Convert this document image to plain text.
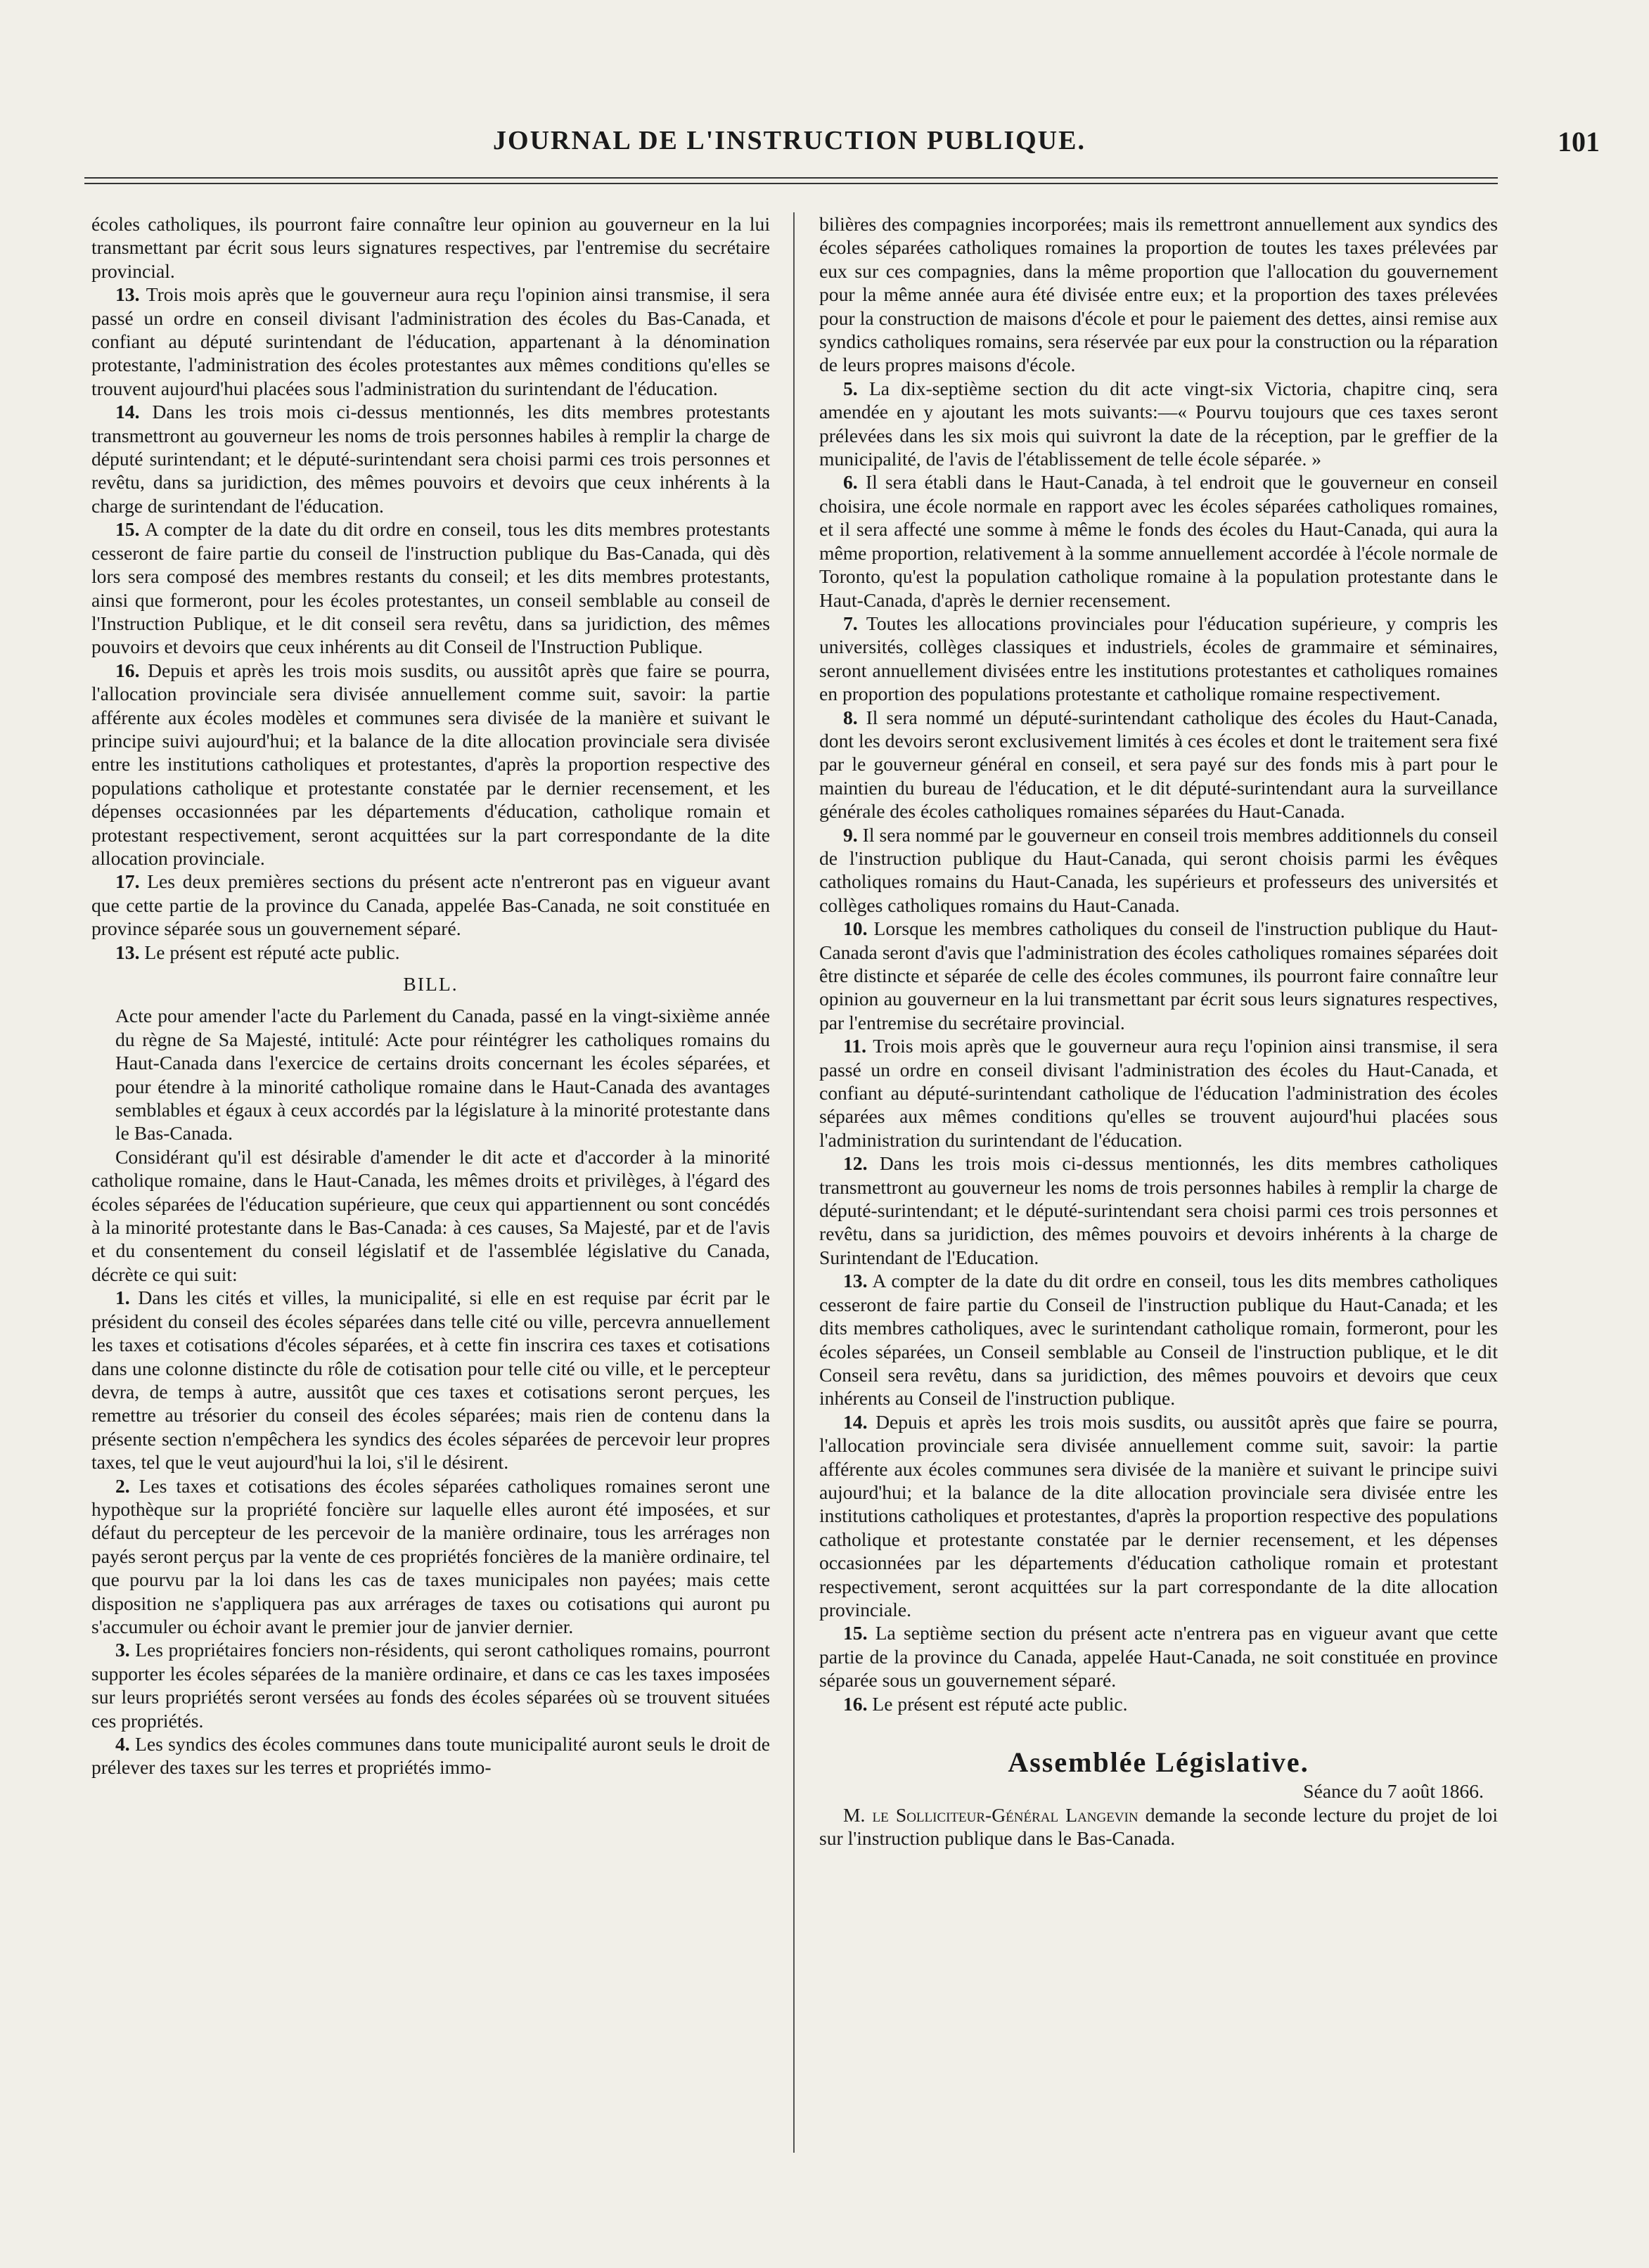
JOURNAL DE L'INSTRUCTION PUBLIQUE.	101

écoles catholiques, ils pourront faire connaître leur opinion au gouverneur en la lui transmettant par écrit sous leurs signatures respectives, par l'entremise du secrétaire provincial.

13. Trois mois après que le gouverneur aura reçu l'opinion ainsi transmise, il sera passé un ordre en conseil divisant l'administration des écoles du Bas-Canada, et confiant au député surintendant de l'éducation, appartenant à la dénomination protestante, l'administration des écoles protestantes aux mêmes conditions qu'elles se trouvent aujourd'hui placées sous l'administration du surintendant de l'éducation.

14. Dans les trois mois ci-dessus mentionnés, les dits membres protestants transmettront au gouverneur les noms de trois personnes habiles à remplir la charge de député surintendant; et le député-surintendant sera choisi parmi ces trois personnes et revêtu, dans sa juridiction, des mêmes pouvoirs et devoirs que ceux inhérents à la charge de surintendant de l'éducation.

15. A compter de la date du dit ordre en conseil, tous les dits membres protestants cesseront de faire partie du conseil de l'instruction publique du Bas-Canada, qui dès lors sera composé des membres restants du conseil; et les dits membres protestants, ainsi que formeront, pour les écoles protestantes, un conseil semblable au conseil de l'Instruction Publique, et le dit conseil sera revêtu, dans sa juridiction, des mêmes pouvoirs et devoirs que ceux inhérents au dit Conseil de l'Instruction Publique.

16. Depuis et après les trois mois susdits, ou aussitôt après que faire se pourra, l'allocation provinciale sera divisée annuellement comme suit, savoir: la partie afférente aux écoles modèles et communes sera divisée de la manière et suivant le principe suivi aujourd'hui; et la balance de la dite allocation provinciale sera divisée entre les institutions catholiques et protestantes, d'après la proportion respective des populations catholique et protestante constatée par le dernier recensement, et les dépenses occasionnées par les départements d'éducation, catholique romain et protestant respectivement, seront acquittées sur la part correspondante de la dite allocation provinciale.

17. Les deux premières sections du présent acte n'entreront pas en vigueur avant que cette partie de la province du Canada, appelée Bas-Canada, ne soit constituée en province séparée sous un gouvernement séparé.

13. Le présent est réputé acte public.

BILL.

Acte pour amender l'acte du Parlement du Canada, passé en la vingt-sixième année du règne de Sa Majesté, intitulé: Acte pour réintégrer les catholiques romains du Haut-Canada dans l'exercice de certains droits concernant les écoles séparées, et pour étendre à la minorité catholique romaine dans le Haut-Canada des avantages semblables et égaux à ceux accordés par la législature à la minorité protestante dans le Bas-Canada.

Considérant qu'il est désirable d'amender le dit acte et d'accorder à la minorité catholique romaine, dans le Haut-Canada, les mêmes droits et privilèges, à l'égard des écoles séparées de l'éducation supérieure, que ceux qui appartiennent ou sont concédés à la minorité protestante dans le Bas-Canada: à ces causes, Sa Majesté, par et de l'avis et du consentement du conseil législatif et de l'assemblée législative du Canada, décrète ce qui suit:

1. Dans les cités et villes, la municipalité, si elle en est requise par écrit par le président du conseil des écoles séparées dans telle cité ou ville, percevra annuellement les taxes et cotisations d'écoles séparées, et à cette fin inscrira ces taxes et cotisations dans une colonne distincte du rôle de cotisation pour telle cité ou ville, et le percepteur devra, de temps à autre, aussitôt que ces taxes et cotisations seront perçues, les remettre au trésorier du conseil des écoles séparées; mais rien de contenu dans la présente section n'empêchera les syndics des écoles séparées de percevoir leur propres taxes, tel que le veut aujourd'hui la loi, s'il le désirent.

2. Les taxes et cotisations des écoles séparées catholiques romaines seront une hypothèque sur la propriété foncière sur laquelle elles auront été imposées, et sur défaut du percepteur de les percevoir de la manière ordinaire, tous les arrérages non payés seront perçus par la vente de ces propriétés foncières de la manière ordinaire, tel que pourvu par la loi dans les cas de taxes municipales non payées; mais cette disposition ne s'appliquera pas aux arrérages de taxes ou cotisations qui auront pu s'accumuler ou échoir avant le premier jour de janvier dernier.

3. Les propriétaires fonciers non-résidents, qui seront catholiques romains, pourront supporter les écoles séparées de la manière ordinaire, et dans ce cas les taxes imposées sur leurs propriétés seront versées au fonds des écoles séparées où se trouvent situées ces propriétés.

4. Les syndics des écoles communes dans toute municipalité auront seuls le droit de prélever des taxes sur les terres et propriétés immo-

bilières des compagnies incorporées; mais ils remettront annuellement aux syndics des écoles séparées catholiques romaines la proportion de toutes les taxes prélevées par eux sur ces compagnies, dans la même proportion que l'allocation du gouvernement pour la même année aura été divisée entre eux; et la proportion des taxes prélevées pour la construction de maisons d'école et pour le paiement des dettes, ainsi remise aux syndics catholiques romains, sera réservée par eux pour la construction ou la réparation de leurs propres maisons d'école.

5. La dix-septième section du dit acte vingt-six Victoria, chapitre cinq, sera amendée en y ajoutant les mots suivants:—« Pourvu toujours que ces taxes seront prélevées dans les six mois qui suivront la date de la réception, par le greffier de la municipalité, de l'avis de l'établissement de telle école séparée. »

6. Il sera établi dans le Haut-Canada, à tel endroit que le gouverneur en conseil choisira, une école normale en rapport avec les écoles séparées catholiques romaines, et il sera affecté une somme à même le fonds des écoles du Haut-Canada, qui aura la même proportion, relativement à la somme annuellement accordée à l'école normale de Toronto, qu'est la population catholique romaine à la population protestante dans le Haut-Canada, d'après le dernier recensement.

7. Toutes les allocations provinciales pour l'éducation supérieure, y compris les universités, collèges classiques et industriels, écoles de grammaire et séminaires, seront annuellement divisées entre les institutions protestantes et catholiques romaines en proportion des populations protestante et catholique romaine respectivement.

8. Il sera nommé un député-surintendant catholique des écoles du Haut-Canada, dont les devoirs seront exclusivement limités à ces écoles et dont le traitement sera fixé par le gouverneur général en conseil, et sera payé sur des fonds mis à part pour le maintien du bureau de l'éducation, et le dit député-surintendant aura la surveillance générale des écoles catholiques romaines séparées du Haut-Canada.

9. Il sera nommé par le gouverneur en conseil trois membres additionnels du conseil de l'instruction publique du Haut-Canada, qui seront choisis parmi les évêques catholiques romains du Haut-Canada, les supérieurs et professeurs des universités et collèges catholiques romains du Haut-Canada.

10. Lorsque les membres catholiques du conseil de l'instruction publique du Haut-Canada seront d'avis que l'administration des écoles catholiques romaines séparées doit être distincte et séparée de celle des écoles communes, ils pourront faire connaître leur opinion au gouverneur en la lui transmettant par écrit sous leurs signatures respectives, par l'entremise du secrétaire provincial.

11. Trois mois après que le gouverneur aura reçu l'opinion ainsi transmise, il sera passé un ordre en conseil divisant l'administration des écoles du Haut-Canada, et confiant au député-surintendant catholique de l'éducation l'administration des écoles séparées aux mêmes conditions qu'elles se trouvent aujourd'hui placées sous l'administration du surintendant de l'éducation.

12. Dans les trois mois ci-dessus mentionnés, les dits membres catholiques transmettront au gouverneur les noms de trois personnes habiles à remplir la charge de député-surintendant; et le député-surintendant sera choisi parmi ces trois personnes et revêtu, dans sa juridiction, des mêmes pouvoirs et devoirs inhérents à la charge de Surintendant de l'Education.

13. A compter de la date du dit ordre en conseil, tous les dits membres catholiques cesseront de faire partie du Conseil de l'instruction publique du Haut-Canada; et les dits membres catholiques, avec le surintendant catholique romain, formeront, pour les écoles séparées, un Conseil semblable au Conseil de l'instruction publique, et le dit Conseil sera revêtu, dans sa juridiction, des mêmes pouvoirs et devoirs que ceux inhérents au Conseil de l'instruction publique.

14. Depuis et après les trois mois susdits, ou aussitôt après que faire se pourra, l'allocation provinciale sera divisée annuellement comme suit, savoir: la partie afférente aux écoles communes sera divisée de la manière et suivant le principe suivi aujourd'hui; et la balance de la dite allocation provinciale sera divisée entre les institutions catholiques et protestantes, d'après la proportion respective des populations catholique et protestante constatée par le dernier recensement, et les dépenses occasionnées par les départements d'éducation catholique romain et protestant respectivement, seront acquittées sur la part correspondante de la dite allocation provinciale.

15. La septième section du présent acte n'entrera pas en vigueur avant que cette partie de la province du Canada, appelée Haut-Canada, ne soit constituée en province séparée sous un gouvernement séparé.

16. Le présent est réputé acte public.

Assemblée Législative.

Séance du 7 août 1866.

M. le Solliciteur-Général Langevin demande la seconde lecture du projet de loi sur l'instruction publique dans le Bas-Canada.
